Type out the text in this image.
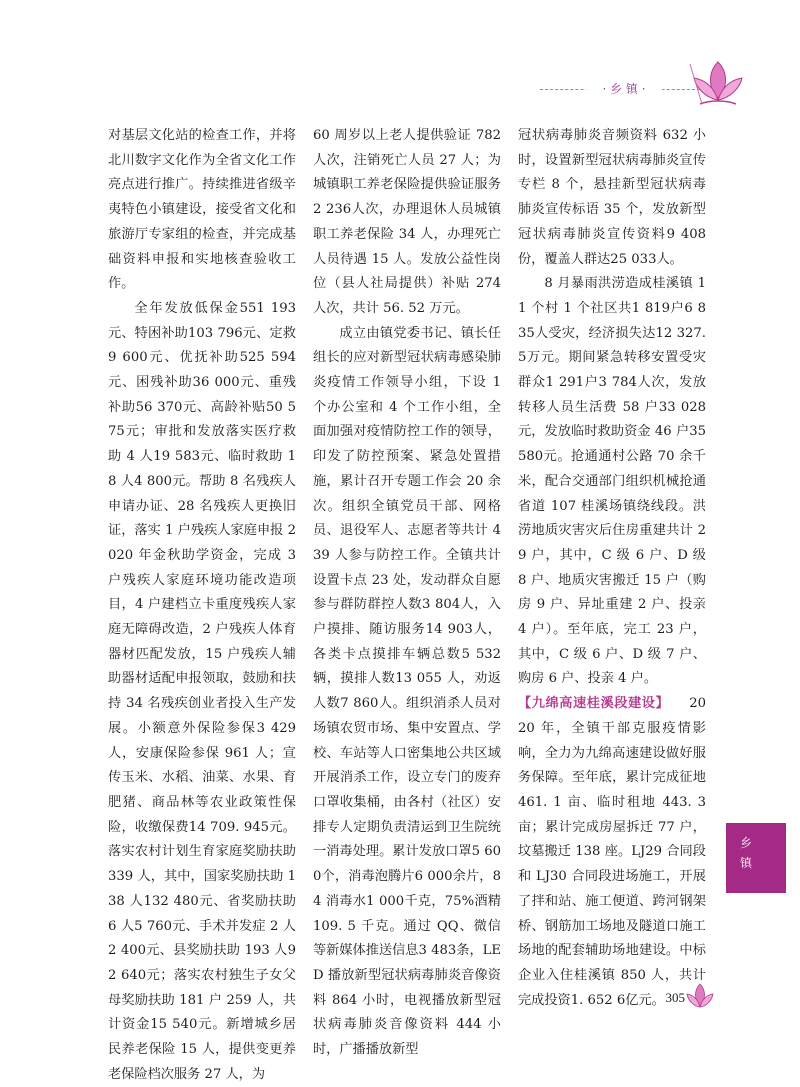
· 乡 镇 ·

对基层文化站的检查工作，并将北川数字文化作为全省文化工作亮点进行推广。持续推进省级辛夷特色小镇建设，接受省文化和旅游厅专家组的检查，并完成基础资料申报和实地核查验收工作。

全年发放低保金551 193元、特困补助103 796元、定救9 600元、优抚补助525 594元、困残补助36 000元、重残补助56 370元、高龄补贴50 575元；审批和发放落实医疗救助 4 人19 583元、临时救助 18 人4 800元。帮助 8 名残疾人申请办证、28 名残疾人更换旧证，落实 1 户残疾人家庭申报 2020 年金秋助学资金，完成 3 户残疾人家庭环境功能改造项目，4 户建档立卡重度残疾人家庭无障碍改造，2 户残疾人体育器材匹配发放，15 户残疾人辅助器材适配申报领取，鼓励和扶持 34 名残疾创业者投入生产发展。小额意外保险参保3 429人，安康保险参保 961 人；宣传玉米、水稻、油菜、水果、育肥猪、商品林等农业政策性保险，收缴保费14 709. 945元。落实农村计划生育家庭奖励扶助 339 人，其中，国家奖励扶助 138 人132 480元、省奖励扶助 6 人5 760元、手术并发症 2 人2 400元、县奖励扶助 193 人92 640元；落实农村独生子女父母奖励扶助 181 户 259 人，共计资金15 540元。新增城乡居民养老保险 15 人，提供变更养老保险档次服务 27 人，为

60 周岁以上老人提供验证 782 人次，注销死亡人员 27 人；为城镇职工养老保险提供验证服务2 236人次，办理退休人员城镇职工养老保险 34 人，办理死亡人员待遇 15 人。发放公益性岗位（县人社局提供）补贴 274 人次，共计 56. 52 万元。

成立由镇党委书记、镇长任组长的应对新型冠状病毒感染肺炎疫情工作领导小组，下设 1 个办公室和 4 个工作小组，全面加强对疫情防控工作的领导，印发了防控预案、紧急处置措施，累计召开专题工作会 20 余次。组织全镇党员干部、网格员、退役军人、志愿者等共计 439 人参与防控工作。全镇共计设置卡点 23 处，发动群众自愿参与群防群控人数3 804人，入户摸排、随访服务14 903人，各类卡点摸排车辆总数5 532辆，摸排人数13 055 人，劝返人数7 860人。组织消杀人员对场镇农贸市场、集中安置点、学校、车站等人口密集地公共区域开展消杀工作，设立专门的废弃口罩收集桶，由各村（社区）安排专人定期负责清运到卫生院统一消毒处理。累计发放口罩5 600个，消毒泡腾片6 000余片，84 消毒水1 000千克，75%酒精 109. 5 千克。通过 QQ、微信等新媒体推送信息3 483条，LED 播放新型冠状病毒肺炎音像资料 864 小时，电视播放新型冠状病毒肺炎音像资料 444 小时，广播播放新型

冠状病毒肺炎音频资料 632 小时，设置新型冠状病毒肺炎宣传专栏 8 个，悬挂新型冠状病毒肺炎宣传标语 35 个，发放新型冠状病毒肺炎宣传资料9 408份，覆盖人群达25 033人。

8 月暴雨洪涝造成桂溪镇 11 个村 1 个社区共1 819户6 835人受灾，经济损失达12 327. 5万元。期间紧急转移安置受灾群众1 291户3 784人次，发放转移人员生活费 58 户33 028元，发放临时救助资金 46 户35 580元。抢通通村公路 70 余千米，配合交通部门组织机械抢通省道 107 桂溪场镇绕线段。洪涝地质灾害灾后住房重建共计 29 户，其中，C 级 6 户、D 级 8 户、地质灾害搬迁 15 户（购房 9 户、异址重建 2 户、投亲 4 户）。至年底，完工 23 户，其中，C 级 6 户、D 级 7 户、购房 6 户、投亲 4 户。

【九绵高速桂溪段建设】 2020 年，全镇干部克服疫情影响，全力为九绵高速建设做好服务保障。至年底，累计完成征地 461. 1 亩、临时租地 443. 3 亩；累计完成房屋拆迁 77 户，坟墓搬迁 138 座。LJ29 合同段和 LJ30 合同段进场施工，开展了拌和站、施工便道、跨河钢架桥、钢筋加工场地及隧道口施工场地的配套辅助场地建设。中标企业入住桂溪镇 850 人，共计完成投资1. 652 6亿元。

乡
镇
305
